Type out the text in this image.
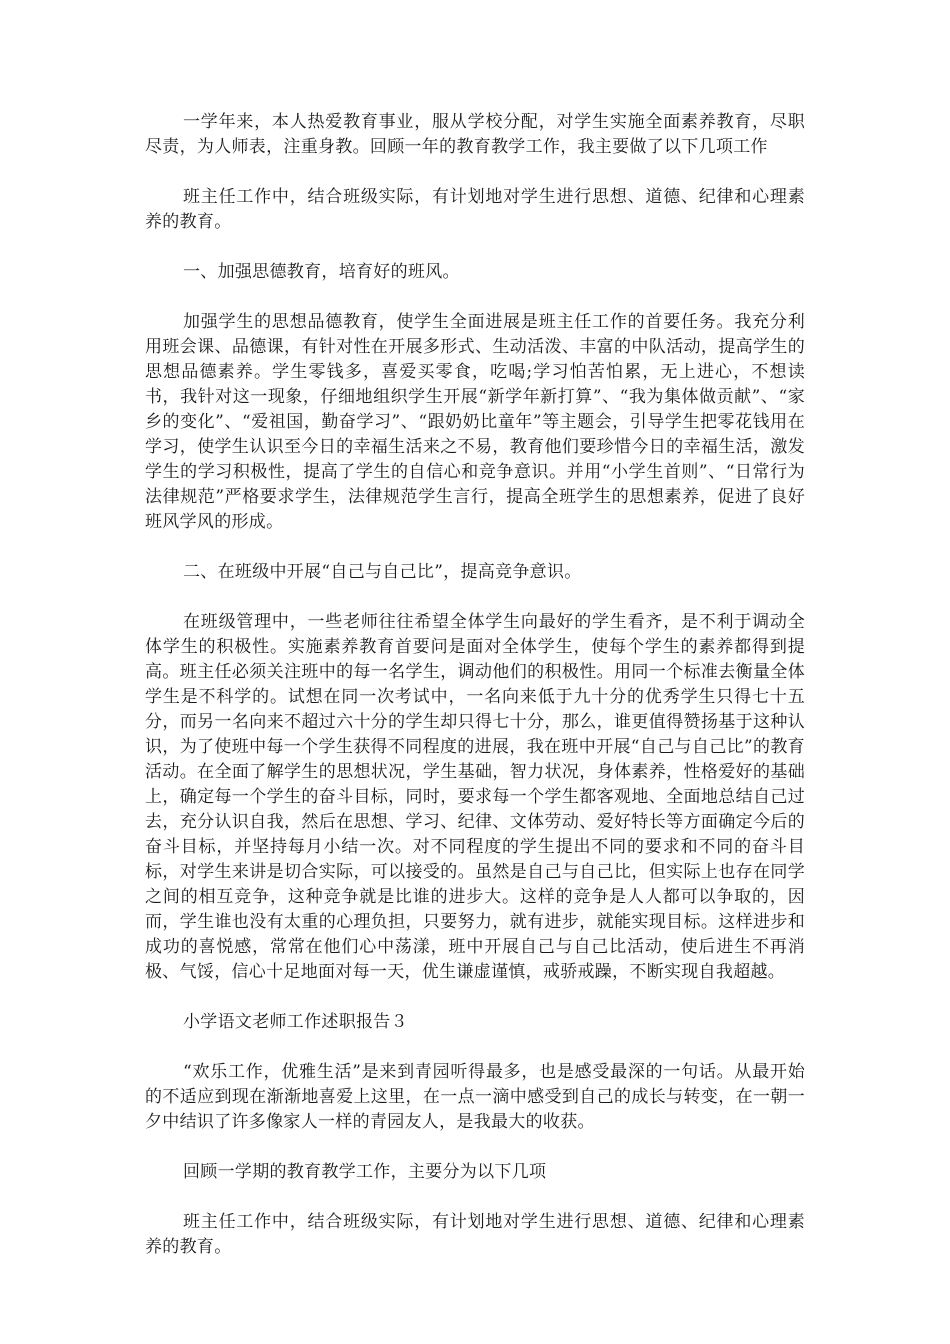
一学年来，本人热爱教育事业，服从学校分配，对学生实施全面素养教育，尽职尽责，为人师表，注重身教。回顾一年的教育教学工作，我主要做了以下几项工作

班主任工作中，结合班级实际，有计划地对学生进行思想、道德、纪律和心理素养的教育。

一、加强思德教育，培育好的班风。

加强学生的思想品德教育，使学生全面进展是班主任工作的首要任务。我充分利用班会课、品德课，有针对性在开展多形式、生动活泼、丰富的中队活动，提高学生的思想品德素养。学生零钱多，喜爱买零食，吃喝;学习怕苦怕累，无上进心，不想读书，我针对这一现象，仔细地组织学生开展“新学年新打算”、“我为集体做贡献”、“家乡的变化”、“爱祖国，勤奋学习”、“跟奶奶比童年”等主题会，引导学生把零花钱用在学习，使学生认识至今日的幸福生活来之不易，教育他们要珍惜今日的幸福生活，激发学生的学习积极性，提高了学生的自信心和竞争意识。并用“小学生首则”、“日常行为法律规范”严格要求学生，法律规范学生言行，提高全班学生的思想素养，促进了良好班风学风的形成。

二、在班级中开展“自己与自己比”，提高竞争意识。

在班级管理中，一些老师往往希望全体学生向最好的学生看齐，是不利于调动全体学生的积极性。实施素养教育首要问是面对全体学生，使每个学生的素养都得到提高。班主任必须关注班中的每一名学生，调动他们的积极性。用同一个标准去衡量全体学生是不科学的。试想在同一次考试中，一名向来低于九十分的优秀学生只得七十五分，而另一名向来不超过六十分的学生却只得七十分，那么，谁更值得赞扬基于这种认识，为了使班中每一个学生获得不同程度的进展，我在班中开展“自己与自己比”的教育活动。在全面了解学生的思想状况，学生基础，智力状况，身体素养，性格爱好的基础上，确定每一个学生的奋斗目标，同时，要求每一个学生都客观地、全面地总结自己过去，充分认识自我，然后在思想、学习、纪律、文体劳动、爱好特长等方面确定今后的奋斗目标，并坚持每月小结一次。对不同程度的学生提出不同的要求和不同的奋斗目标，对学生来讲是切合实际，可以接受的。虽然是自己与自己比，但实际上也存在同学之间的相互竞争，这种竞争就是比谁的进步大。这样的竞争是人人都可以争取的，因而，学生谁也没有太重的心理负担，只要努力，就有进步，就能实现目标。这样进步和成功的喜悦感，常常在他们心中荡漾，班中开展自己与自己比活动，使后进生不再消极、气馁，信心十足地面对每一天，优生谦虚谨慎，戒骄戒躁，不断实现自我超越。

小学语文老师工作述职报告３

“欢乐工作，优雅生活”是来到青园听得最多，也是感受最深的一句话。从最开始的不适应到现在渐渐地喜爱上这里，在一点一滴中感受到自己的成长与转变，在一朝一夕中结识了许多像家人一样的青园友人，是我最大的收获。

回顾一学期的教育教学工作，主要分为以下几项

班主任工作中，结合班级实际，有计划地对学生进行思想、道德、纪律和心理素养的教育。
